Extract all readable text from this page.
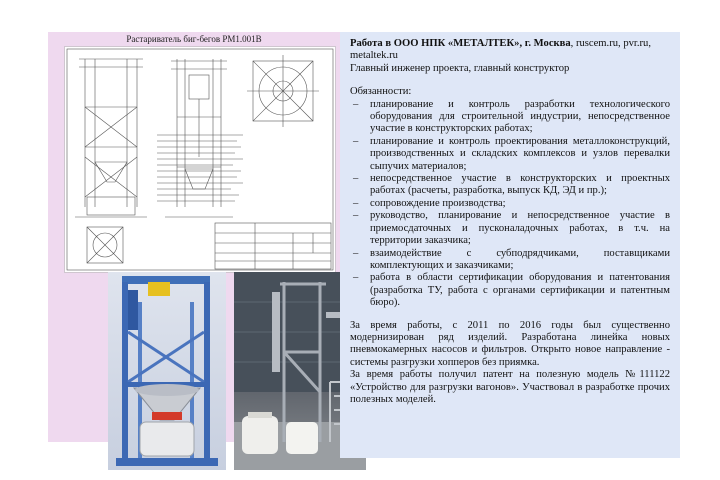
Растариватель биг-бегов РМ1.001В	Работа в ООО НПК «МЕТАЛТЕК», г. Москва, ruscem.ru, pvr.ru, metaltek.ru

Главный инженер проекта, главный конструктор

Обязанности:

– планирование и контроль разработки технологического оборудования для строительной индустрии, непосредственное участие в конструкторских работах;
– планирование и контроль проектирования металлоконструкций, производственных и складских комплексов и узлов перевалки сыпучих материалов;
– непосредственное участие в конструкторских и проектных работах (расчеты, разработка, выпуск КД, ЭД и пр.);
– сопровождение производства;
– руководство, планирование и непосредственное участие в приемосдаточных и пусконаладочных работах, в т.ч. на территории заказчика;
– взаимодействие с субподрядчиками, поставщиками комплектующих и заказчиками;
– работа в области сертификации оборудования и патентования (разработка ТУ, работа с органами сертификации и патентным бюро).

За время работы, с 2011 по 2016 годы был существенно модернизирован ряд изделий. Разработана линейка новых пневмокамерных насосов и фильтров. Открыто новое направление - системы разгрузки хопперов без приямка.

За время работы получил патент на полезную модель №111122 «Устройство для разгрузки вагонов». Участвовал в разработке прочих полезных моделей.
